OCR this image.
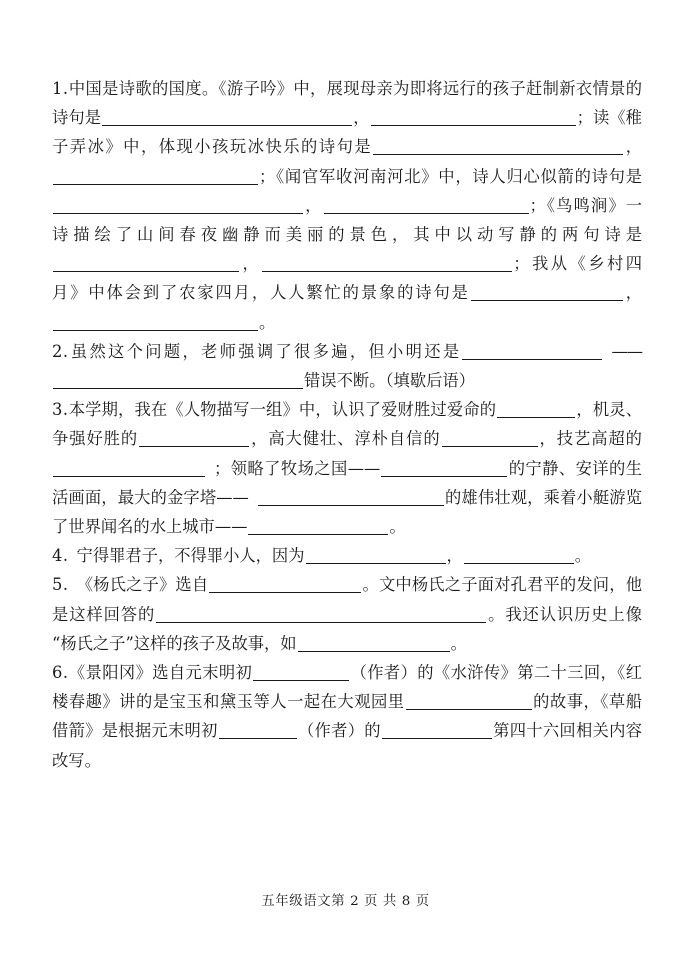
1.中国是诗歌的国度。《游子吟》中，展现母亲为即将远行的孩子赶制新衣情景的诗句是	，	；读《稚子弄冰》中，体现小孩玩冰快乐的诗句是	，；《闻官军收河南河北》中，诗人归心似箭的诗句是，	；《鸟鸣涧》一诗描绘了山间春夜幽静而美丽的景色，其中以动写静的两句诗是，	；我从《乡村四月》中体会到了农家四月，人人繁忙的景象的诗句是	，。

2.虽然这个问题，老师强调了很多遍，但小明还是	——错误不断。（填歇后语）

3.本学期，我在《人物描写一组》中，认识了爱财胜过爱命的	，机灵、争强好胜的	，高大健壮、淳朴自信的	，技艺高超的；领略了牧场之国——	的宁静、安详的生活画面，最大的金字塔——	的雄伟壮观，乘着小艇游览了世界闻名的水上城市——	。

4. 宁得罪君子，不得罪小人，因为	，	。

5. 《杨氏之子》选自	。文中杨氏之子面对孔君平的发问，他是这样回答的	。我还认识历史上像“杨氏之子”这样的孩子及故事，如	。

6.《景阳冈》选自元末明初	（作者）的《水浒传》第二十三回，《红楼春趣》讲的是宝玉和黛玉等人一起在大观园里	的故事，《草船借箭》是根据元末明初	（作者）的	第四十六回相关内容改写。

五年级语文第 2 页 共 8 页
